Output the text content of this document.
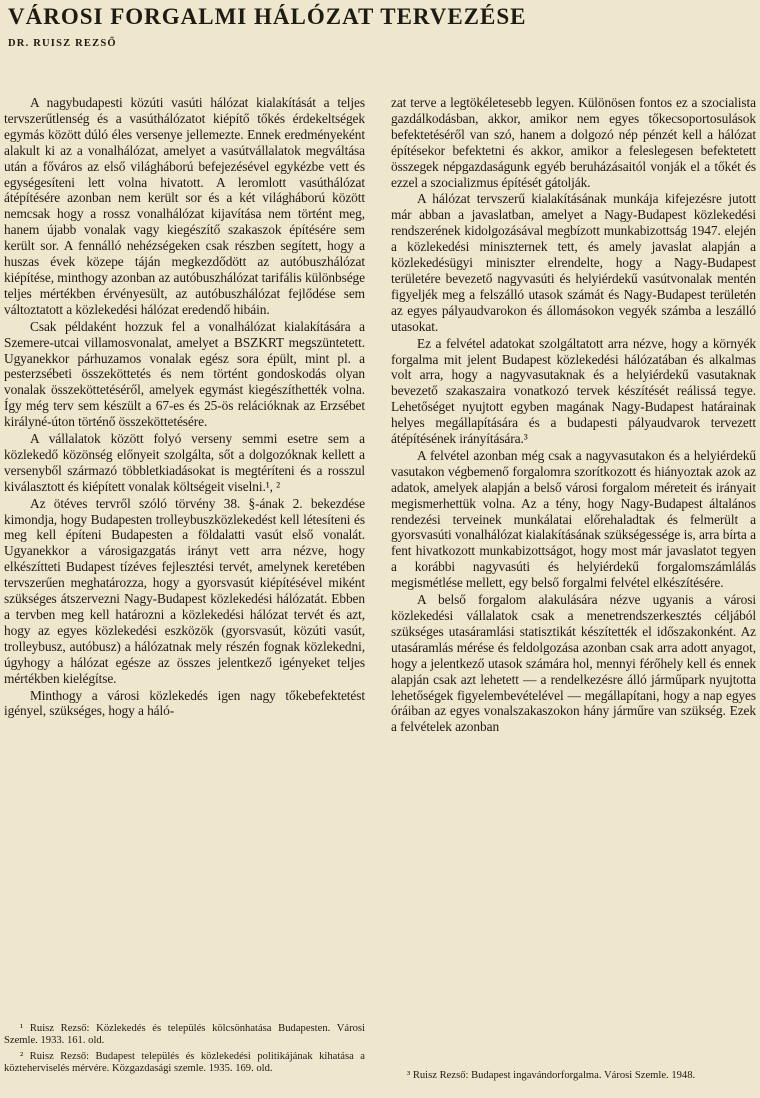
VÁROSI FORGALMI HÁLÓZAT TERVEZÉSE
DR. RUISZ REZSŐ

A nagybudapesti közúti vasúti hálózat kialakítását a teljes tervszerűtlenség és a vasúthálózatot kiépítő tőkés érdekeltségek egymás között dúló éles versenye jellemezte. Ennek eredményeként alakult ki az a vonalhálózat, amelyet a vasútvállalatok megváltása után a főváros az első világháború befejezésével egykézbe vett és egységesíteni lett volna hivatott. A leromlott vasúthálózat átépítésére azonban nem került sor és a két világháború között nemcsak hogy a rossz vonalhálózat kijavítása nem történt meg, hanem újabb vonalak vagy kiegészítő szakaszok építésére sem került sor. A fennálló nehézségeken csak részben segített, hogy a huszas évek közepe táján megkezdődött az autóbuszhálózat kiépítése, minthogy azonban az autóbuszhálózat tarifális különbsége teljes mértékben érvényesült, az autóbuszhálózat fejlődése sem változtatott a közlekedési hálózat eredendő hibáin.

Csak példaként hozzuk fel a vonalhálózat kialakítására a Szemere-utcai villamosvonalat, amelyet a BSZKRT megszüntetett. Ugyanekkor párhuzamos vonalak egész sora épült, mint pl. a pesterzsébeti összeköttetés és nem történt gondoskodás olyan vonalak összeköttetéséről, amelyek egymást kiegészíthették volna. Így még terv sem készült a 67-es és 25-ös relációknak az Erzsébet királyné-úton történő összeköttetésére.

A vállalatok között folyó verseny semmi esetre sem a közlekedő közönség előnyeit szolgálta, sőt a dolgozóknak kellett a versenyből származó többletkiadásokat is megtéríteni és a rosszul kiválasztott és kiépített vonalak költségeit viselni.¹, ²

Az ötéves tervről szóló törvény 38. §-ának 2. bekezdése kimondja, hogy Budapesten trolleybuszközlekedést kell létesíteni és meg kell építeni Budapesten a földalatti vasút első vonalát. Ugyanekkor a városigazgatás irányt vett arra nézve, hogy elkészítteti Budapest tízéves fejlesztési tervét, amelynek keretében tervszerűen meghatározza, hogy a gyorsvasút kiépítésével miként szükséges átszervezni Nagy-Budapest közlekedési hálózatát. Ebben a tervben meg kell határozni a közlekedési hálózat tervét és azt, hogy az egyes közlekedési eszközök (gyorsvasút, közúti vasút, trolleybusz, autóbusz) a hálózatnak mely részén fognak közlekedni, úgyhogy a hálózat egésze az összes jelentkező igényeket teljes mértékben kielégítse.

Minthogy a városi közlekedés igen nagy tőkebefektetést igényel, szükséges, hogy a háló-

zat terve a legtökéletesebb legyen. Különösen fontos ez a szocialista gazdálkodásban, akkor, amikor nem egyes tőkecsoportosulások befektetéséről van szó, hanem a dolgozó nép pénzét kell a hálózat építésekor befektetni és akkor, amikor a feleslegesen befektetett összegek népgazdaságunk egyéb beruházásaitól vonják el a tőkét és ezzel a szocializmus építését gátolják.

A hálózat tervszerű kialakításának munkája kifejezésre jutott már abban a javaslatban, amelyet a Nagy-Budapest közlekedési rendszerének kidolgozásával megbízott munkabizottság 1947. elején a közlekedési miniszternek tett, és amely javaslat alapján a közlekedésügyi miniszter elrendelte, hogy a Nagy-Budapest területére bevezető nagyvasúti és helyiérdekű vasútvonalak mentén figyeljék meg a felszálló utasok számát és Nagy-Budapest területén az egyes pályaudvarokon és állomásokon vegyék számba a leszálló utasokat.

Ez a felvétel adatokat szolgáltatott arra nézve, hogy a környék forgalma mit jelent Budapest közlekedési hálózatában és alkalmas volt arra, hogy a nagyvasutaknak és a helyiérdekű vasutaknak bevezető szakaszaira vonatkozó tervek készítését reálissá tegye. Lehetőséget nyujtott egyben magának Nagy-Budapest határainak helyes megállapítására és a budapesti pályaudvarok tervezett átépítésének irányítására.³

A felvétel azonban még csak a nagyvasutakon és a helyiérdekű vasutakon végbemenő forgalomra szorítkozott és hiányoztak azok az adatok, amelyek alapján a belső városi forgalom méreteit és irányait megismerhettük volna. Az a tény, hogy Nagy-Budapest általános rendezési terveinek munkálatai előrehaladtak és felmerült a gyorsvasúti vonalhálózat kialakításának szükségessége is, arra bírta a fent hivatkozott munkabizottságot, hogy most már javaslatot tegyen a korábbi nagyvasúti és helyiérdekű forgalomszámlálás megismétlése mellett, egy belső forgalmi felvétel elkészítésére.

A belső forgalom alakulására nézve ugyanis a városi közlekedési vállalatok csak a menetrendszerkesztés céljából szükséges utasáramlási statisztikát készítették el időszakonként. Az utasáramlás mérése és feldolgozása azonban csak arra adott anyagot, hogy a jelentkező utasok számára hol, mennyi férőhely kell és ennek alapján csak azt lehetett — a rendelkezésre álló járműpark nyujtotta lehetőségek figyelembevételével — megállapítani, hogy a nap egyes óráiban az egyes vonalszakaszokon hány járműre van szükség. Ezek a felvételek azonban

¹ Ruisz Rezső: Közlekedés és település kölcsönhatása Budapesten. Városi Szemle. 1933. 161. old.

² Ruisz Rezső: Budapest település és közlekedési politikájának kihatása a közteherviselés mérvére. Közgazdasági szemle. 1935. 169. old.

³ Ruisz Rezső: Budapest ingavándorforgalma. Városi Szemle. 1948.
